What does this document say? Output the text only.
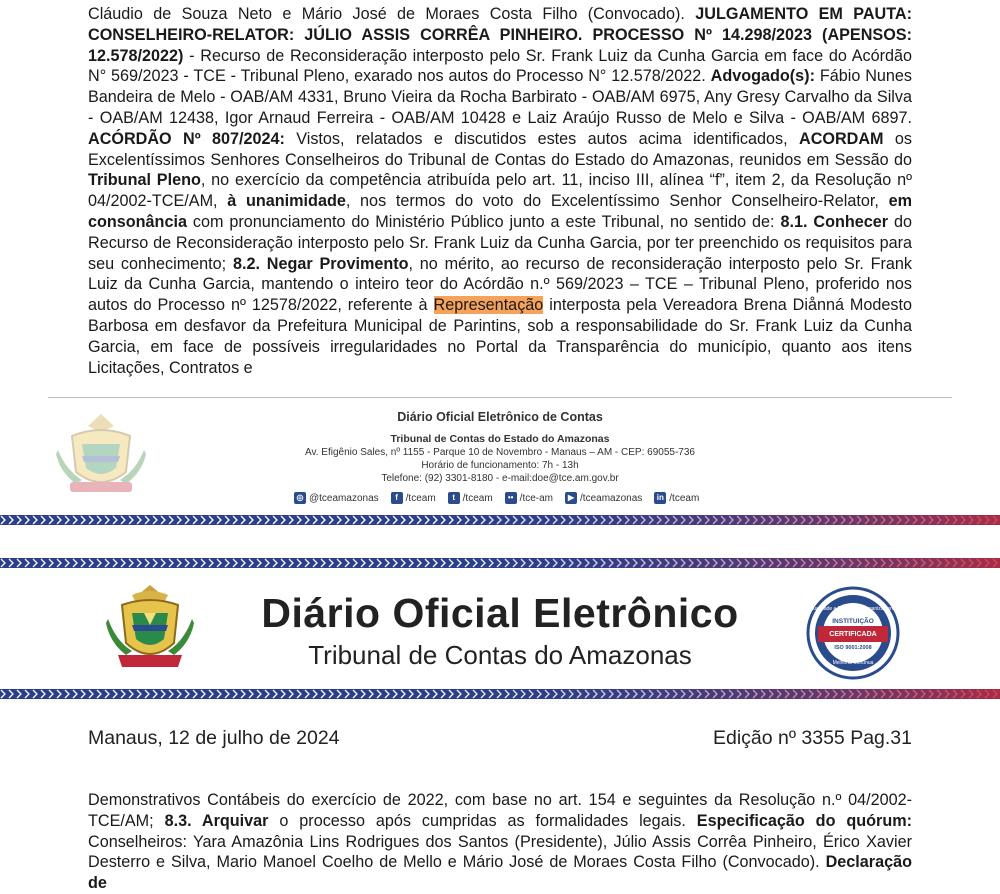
Cláudio de Souza Neto e Mário José de Moraes Costa Filho (Convocado). JULGAMENTO EM PAUTA: CONSELHEIRO-RELATOR: JÚLIO ASSIS CORRÊA PINHEIRO. PROCESSO Nº 14.298/2023 (APENSOS: 12.578/2022) - Recurso de Reconsideração interposto pelo Sr. Frank Luiz da Cunha Garcia em face do Acórdão N° 569/2023 - TCE - Tribunal Pleno, exarado nos autos do Processo N° 12.578/2022. Advogado(s): Fábio Nunes Bandeira de Melo - OAB/AM 4331, Bruno Vieira da Rocha Barbirato - OAB/AM 6975, Any Gresy Carvalho da Silva - OAB/AM 12438, Igor Arnaud Ferreira - OAB/AM 10428 e Laiz Araújo Russo de Melo e Silva - OAB/AM 6897. ACÓRDÃO Nº 807/2024: Vistos, relatados e discutidos estes autos acima identificados, ACORDAM os Excelentíssimos Senhores Conselheiros do Tribunal de Contas do Estado do Amazonas, reunidos em Sessão do Tribunal Pleno, no exercício da competência atribuída pelo art. 11, inciso III, alínea “f”, item 2, da Resolução nº 04/2002-TCE/AM, à unanimidade, nos termos do voto do Excelentíssimo Senhor Conselheiro-Relator, em consonância com pronunciamento do Ministério Público junto a este Tribunal, no sentido de: 8.1. Conhecer do Recurso de Reconsideração interposto pelo Sr. Frank Luiz da Cunha Garcia, por ter preenchido os requisitos para seu conhecimento; 8.2. Negar Provimento, no mérito, ao recurso de reconsideração interposto pelo Sr. Frank Luiz da Cunha Garcia, mantendo o inteiro teor do Acórdão n.º 569/2023 – TCE – Tribunal Pleno, proferido nos autos do Processo nº 12578/2022, referente à Representação interposta pela Vereadora Brena Diånná Modesto Barbosa em desfavor da Prefeitura Municipal de Parintins, sob a responsabilidade do Sr. Frank Luiz da Cunha Garcia, em face de possíveis irregularidades no Portal da Transparência do município, quanto aos itens Licitações, Contratos e
Diário Oficial Eletrônico de Contas
Tribunal de Contas do Estado do Amazonas
Av. Efigênio Sales, nº 1155 - Parque 10 de Novembro - Manaus – AM - CEP: 69055-736
Horário de funcionamento: 7h - 13h
Telefone: (92) 3301-8180 - e-mail:doe@tce.am.gov.br
◎ @tceamazonas	f /tceam	t /tceam	•• /tce-am	▶ /tceamazonas	in /tceam
Diário Oficial Eletrônico
Tribunal de Contas do Amazonas
Qualidade e Excelência Organizacional
INSTITUIÇÃO
CERTIFICADA
ISO 9001:2008
Melhoria Contínua
Manaus, 12 de julho de 2024	Edição nº 3355 Pag.31
Demonstrativos Contábeis do exercício de 2022, com base no art. 154 e seguintes da Resolução n.º 04/2002-TCE/AM; 8.3. Arquivar o processo após cumpridas as formalidades legais. Especificação do quórum: Conselheiros: Yara Amazônia Lins Rodrigues dos Santos (Presidente), Júlio Assis Corrêa Pinheiro, Érico Xavier Desterro e Silva, Mario Manoel Coelho de Mello e Mário José de Moraes Costa Filho (Convocado). Declaração de
